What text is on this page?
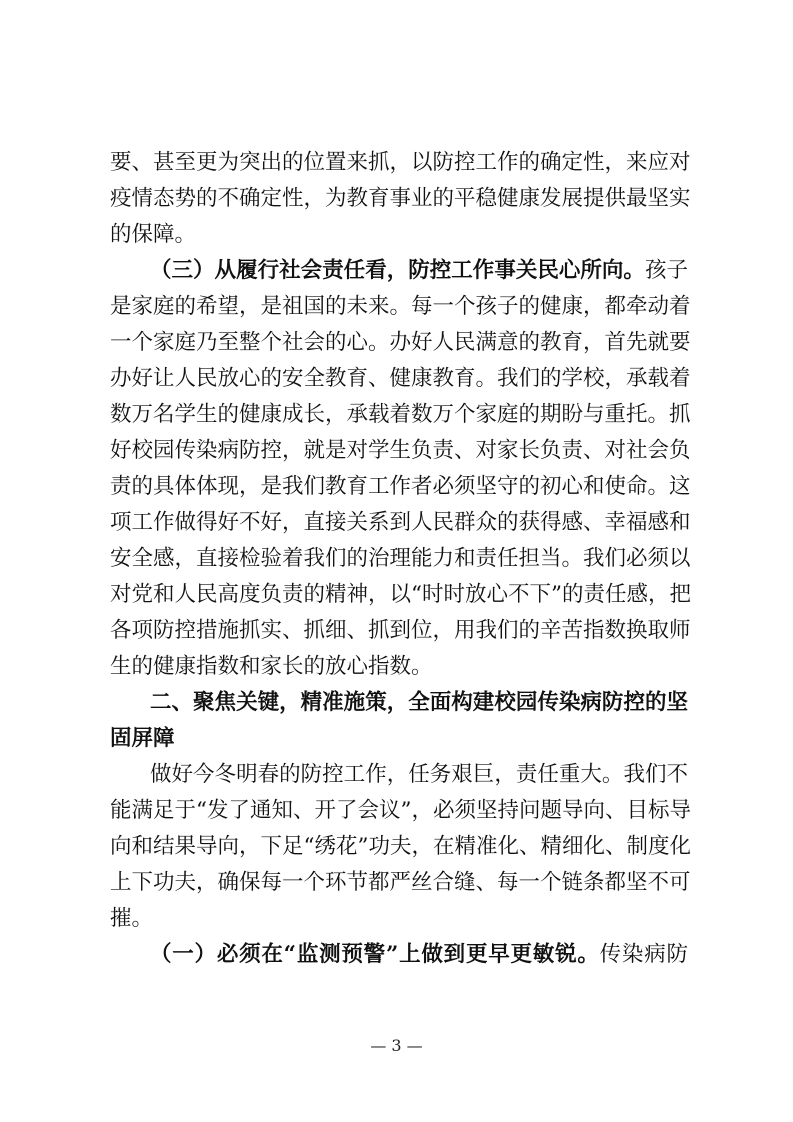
要、甚至更为突出的位置来抓，以防控工作的确定性，来应对
疫情态势的不确定性，为教育事业的平稳健康发展提供最坚实
的保障。
（三）从履行社会责任看，防控工作事关民心所向。孩子
是家庭的希望，是祖国的未来。每一个孩子的健康，都牵动着
一个家庭乃至整个社会的心。办好人民满意的教育，首先就要
办好让人民放心的安全教育、健康教育。我们的学校，承载着
数万名学生的健康成长，承载着数万个家庭的期盼与重托。抓
好校园传染病防控，就是对学生负责、对家长负责、对社会负
责的具体体现，是我们教育工作者必须坚守的初心和使命。这
项工作做得好不好，直接关系到人民群众的获得感、幸福感和
安全感，直接检验着我们的治理能力和责任担当。我们必须以
对党和人民高度负责的精神，以“时时放心不下”的责任感，把
各项防控措施抓实、抓细、抓到位，用我们的辛苦指数换取师
生的健康指数和家长的放心指数。
二、聚焦关键，精准施策，全面构建校园传染病防控的坚
固屏障
做好今冬明春的防控工作，任务艰巨，责任重大。我们不
能满足于“发了通知、开了会议”，必须坚持问题导向、目标导
向和结果导向，下足“绣花”功夫，在精准化、精细化、制度化
上下功夫，确保每一个环节都严丝合缝、每一个链条都坚不可
摧。
（一）必须在“监测预警”上做到更早更敏锐。传染病防
— 3 —
